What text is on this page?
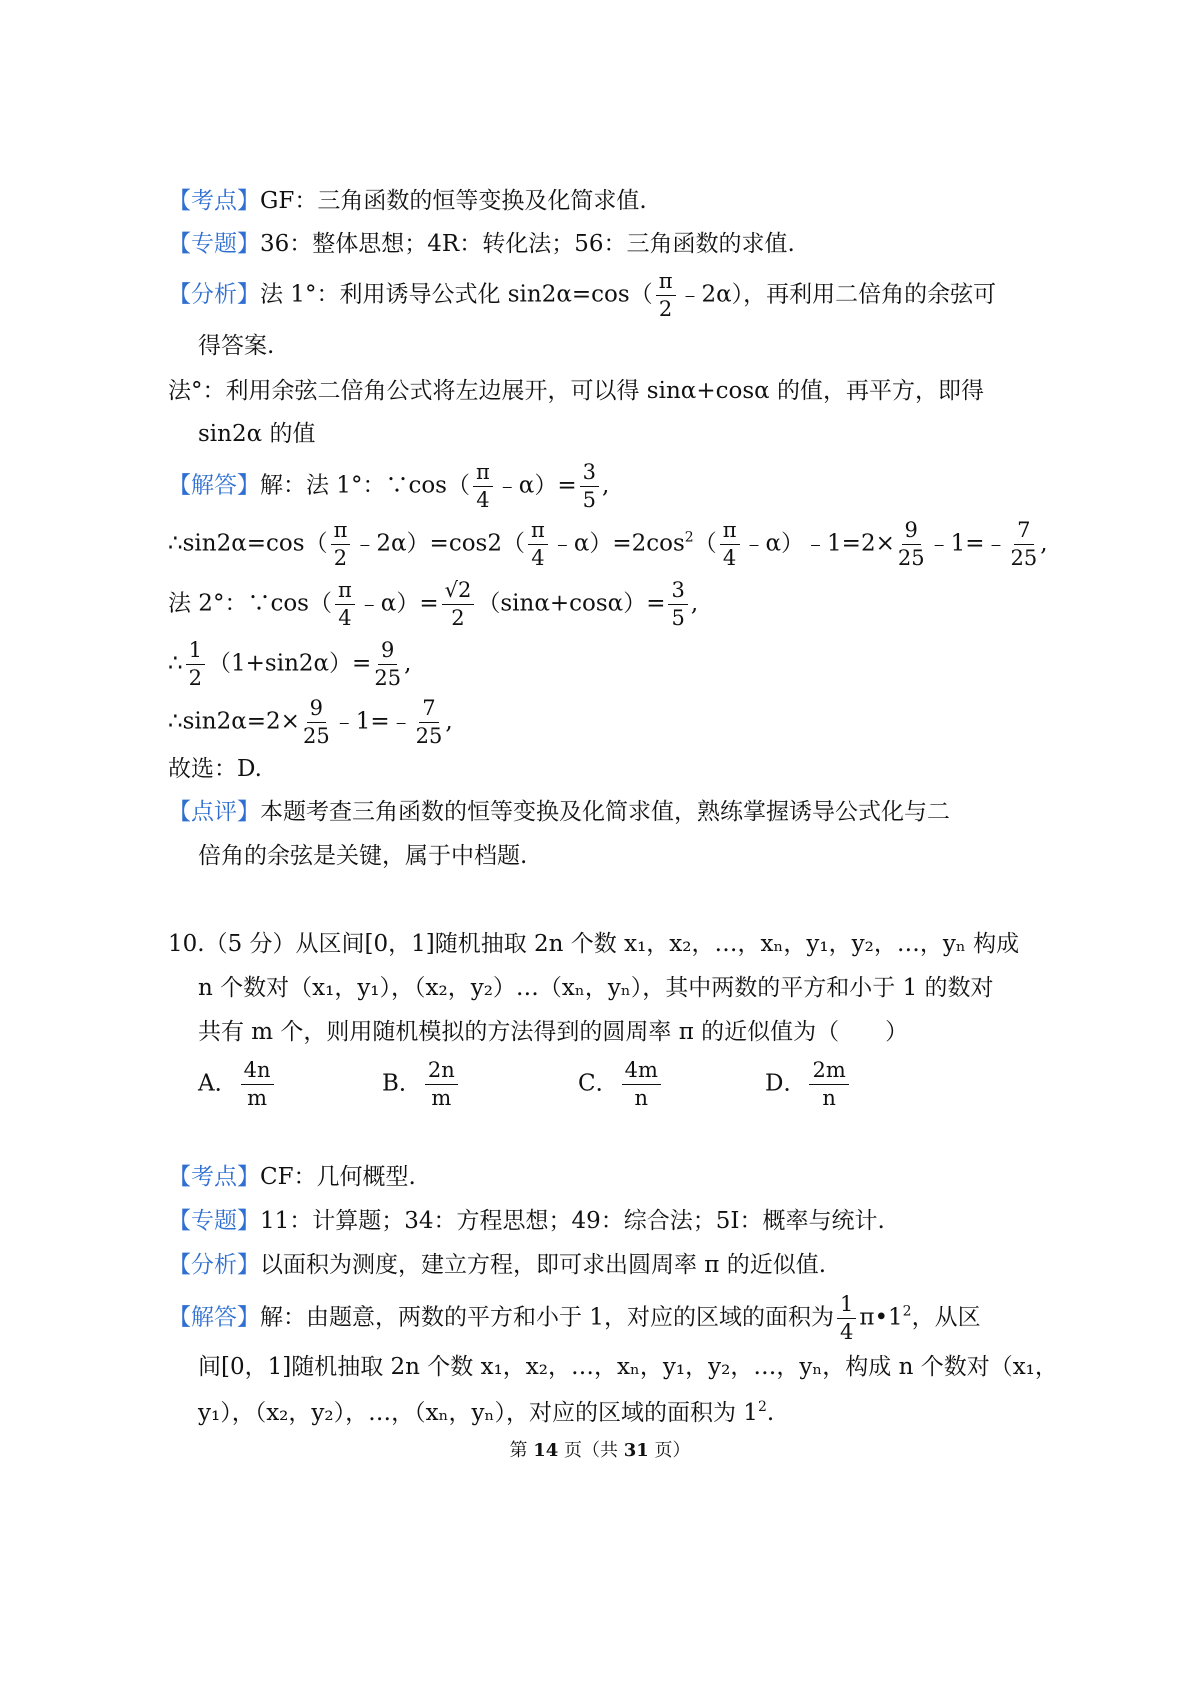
【考点】GF：三角函数的恒等变换及化简求值.
【专题】36：整体思想；4R：转化法；56：三角函数的求值.
【分析】法 1°：利用诱导公式化 $\sin 2\alpha=\cos( \frac{\pi}{2}$ ﹣2α），再利用二倍角的余弦可
得答案.
法°：利用余弦二倍角公式将左边展开，可以得 sinα+cosα 的值，再平方，即得
sin2α 的值
【解答】解：法 1°：∵cos（ $\frac{\pi}{4}$ ﹣α）= $\frac{3}{5}$ ,
∴sin2α=cos（ $\frac{\pi}{2}$ ﹣2α）=cos2（ $\frac{\pi}{4}$ $﹣\alpha)=2\cos^2( \frac{\pi}{4}$ ﹣α）﹣1=2× $\frac{9}{25}$ ﹣1=﹣ $\frac{7}{25}$ ,
法 2°：∵cos（ $\frac{\pi}{4}$ ﹣α）= $\frac{√2}{2} (\sin\alpha+\cos\alpha)= \frac{3}{5}$ ,
∴ $\frac{1}{2} (1+\sin 2\alpha)= \frac{9}{25}$ ,
∴sin2α=2× $\frac{9}{25}$ ﹣1=﹣ $\frac{7}{25}$ ,
故选：D.
【点评】本题考查三角函数的恒等变换及化简求值，熟练掌握诱导公式化与二
倍角的余弦是关键，属于中档题.
10.（5 分）从区间[0，1]随机抽取 2n 个数 x₁，x₂，…，xₙ，y₁，y₂，…，yₙ 构成
n 个数对（x₁，y₁），（x₂，y₂）…（xₙ，yₙ），其中两数的平方和小于 1 的数对
共有 m 个，则用随机模拟的方法得到的圆周率 π 的近似值为（　　）
A． $\frac{4n}{m}$	B． $\frac{2n}{m}$	C． $\frac{4m}{n}$	D． $\frac{2m}{n}$
【考点】CF：几何概型.
【专题】11：计算题；34：方程思想；49：综合法；5I：概率与统计.
【分析】以面积为测度，建立方程，即可求出圆周率 π 的近似值.
【解答】解：由题意，两数的平方和小于 1，对应的区域的面积为 $\frac{1}{4}$ $\pi•1^2$，从区
间[0，1]随机抽取 2n 个数 x₁，x₂，…，xₙ，y₁，y₂，…，yₙ，构成 n 个数对（x₁，
y₁），（x₂，y₂），…，（xₙ，yₙ），对应的区域的面积为 $1^2$.
第 14 页（共 31 页）
